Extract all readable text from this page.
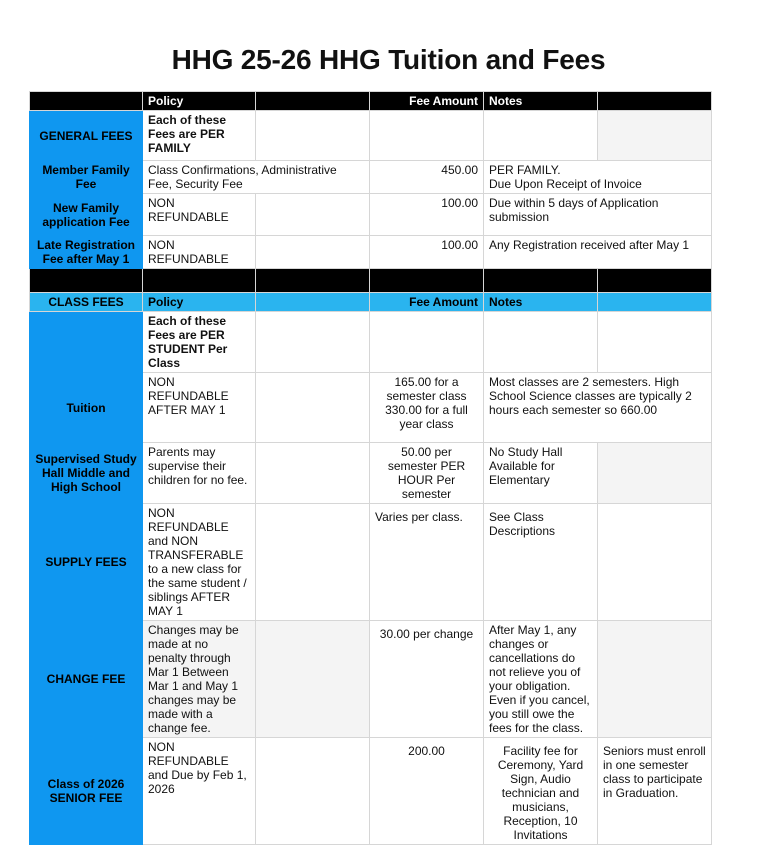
HHG 25-26 HHG Tuition and Fees
	Policy		Fee Amount	Notes	
GENERAL FEES	Each of these Fees are PER FAMILY				
Member Family Fee	Class Confirmations, Administrative Fee, Security Fee		450.00	PER FAMILY.
Due Upon Receipt of Invoice	
New Family application Fee	NON REFUNDABLE		100.00	Due within 5 days of Application submission	
Late Registration Fee after May 1	NON REFUNDABLE		100.00	Any Registration received after May 1	

CLASS FEES	Policy		Fee Amount	Notes	
	Each of these Fees are PER STUDENT Per Class				
Tuition	NON REFUNDABLE AFTER MAY 1		165.00 for a semester class 330.00 for a full year class	Most classes are 2 semesters. High School Science classes are typically 2 hours each semester so 660.00	
Supervised Study Hall Middle and High School	Parents may supervise their children for no fee.		50.00 per semester PER HOUR Per semester	No Study Hall Available for Elementary	
SUPPLY FEES	NON REFUNDABLE and NON TRANSFERABLE to a new class for the same student / siblings AFTER MAY 1		Varies per class.	See Class Descriptions	
CHANGE FEE	Changes may be made at no penalty through Mar 1 Between Mar 1 and May 1 changes may be made with a change fee.		30.00 per change	After May 1, any changes or cancellations do not relieve you of your obligation. Even if you cancel, you still owe the fees for the class.	
Class of 2026 SENIOR FEE	NON REFUNDABLE and Due by Feb 1, 2026		200.00	Facility fee for Ceremony, Yard Sign, Audio technician and musicians, Reception, 10 Invitations	Seniors must enroll in one semester class to participate in Graduation.
